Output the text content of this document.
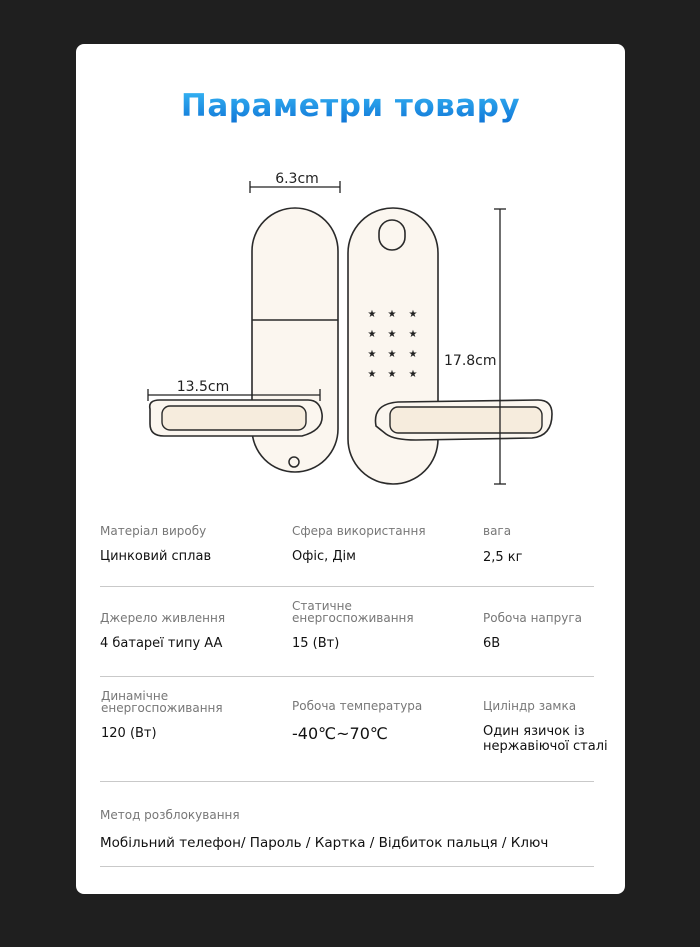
Параметри товару
6.3cm
13.5cm
★ ★ ★
★ ★ ★
★ ★ ★
★ ★ ★
17.8cm
Матеріал виробу
Цинковий сплав
Сфера використання
Офіс, Дім
вага
2,5 кг
Джерело живлення
4 батареї типу AA
Статичне енергоспоживання
15 (Вт)
Робоча напруга
6В
Динамічне енергоспоживання
120 (Вт)
Робоча температура
-40℃~70℃
Циліндр замка
Один язичок із нержавіючої сталі
Метод розблокування
Мобільний телефон/ Пароль / Картка / Відбиток пальця / Ключ
